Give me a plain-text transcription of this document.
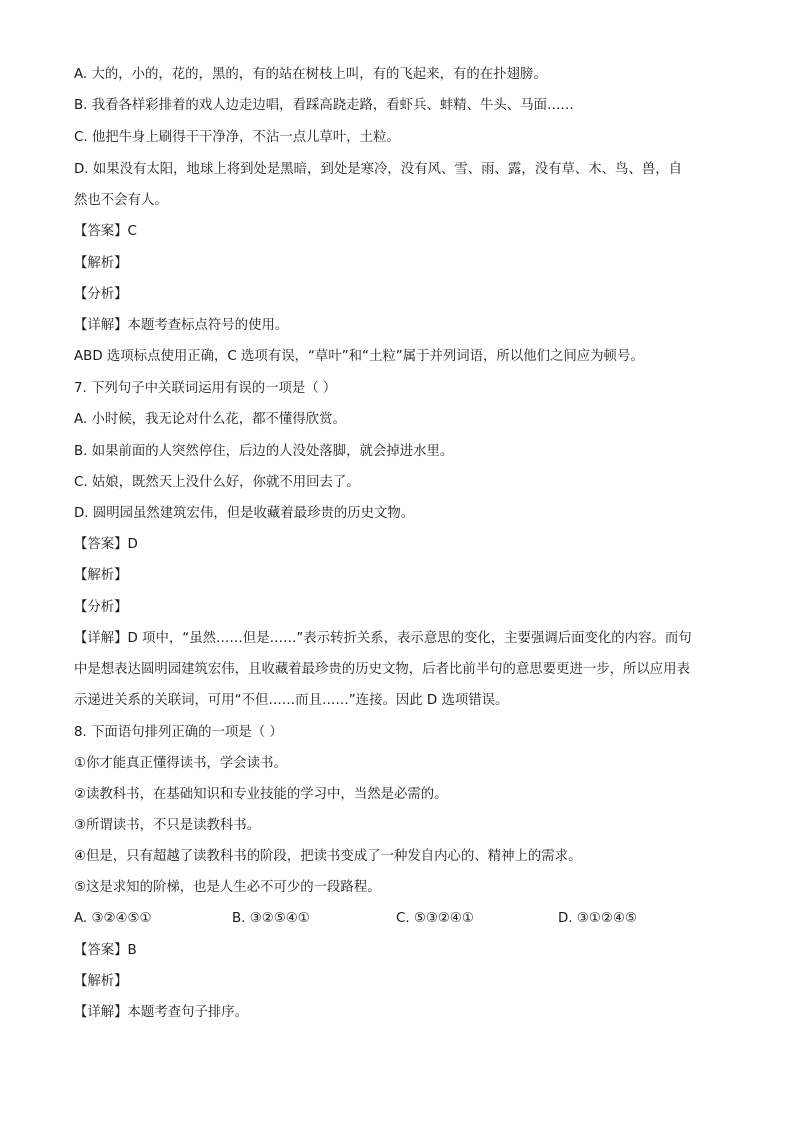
A. 大的，小的，花的，黑的，有的站在树枝上叫，有的飞起来，有的在扑翅膀。
B. 我看各样彩排着的戏人边走边唱，看踩高跷走路，看虾兵、蚌精、牛头、马面……
C. 他把牛身上刷得干干净净，不沾一点儿草叶，土粒。
D. 如果没有太阳，地球上将到处是黑暗，到处是寒冷，没有风、雪、雨、露，没有草、木、鸟、兽，自
然也不会有人。
【答案】C
【解析】
【分析】
【详解】本题考查标点符号的使用。
ABD 选项标点使用正确，C 选项有误，“草叶”和“土粒”属于并列词语，所以他们之间应为顿号。
7. 下列句子中关联词运用有误的一项是（ ）
A. 小时候，我无论对什么花，都不懂得欣赏。
B. 如果前面的人突然停住，后边的人没处落脚，就会掉进水里。
C. 姑娘，既然天上没什么好，你就不用回去了。
D. 圆明园虽然建筑宏伟，但是收藏着最珍贵的历史文物。
【答案】D
【解析】
【分析】
【详解】D 项中，“虽然……但是……”表示转折关系，表示意思的变化，主要强调后面变化的内容。而句
中是想表达圆明园建筑宏伟，且收藏着最珍贵的历史文物，后者比前半句的意思要更进一步，所以应用表
示递进关系的关联词，可用“不但……而且……”连接。因此 D 选项错误。
8. 下面语句排列正确的一项是（ ）
①你才能真正懂得读书，学会读书。
②读教科书，在基础知识和专业技能的学习中，当然是必需的。
③所谓读书，不只是读教科书。
④但是，只有超越了读教科书的阶段，把读书变成了一种发自内心的、精神上的需求。
⑤这是求知的阶梯，也是人生必不可少的一段路程。
A. ③②④⑤①	B. ③②⑤④①	C. ⑤③②④①	D. ③①②④⑤
【答案】B
【解析】
【详解】本题考查句子排序。
